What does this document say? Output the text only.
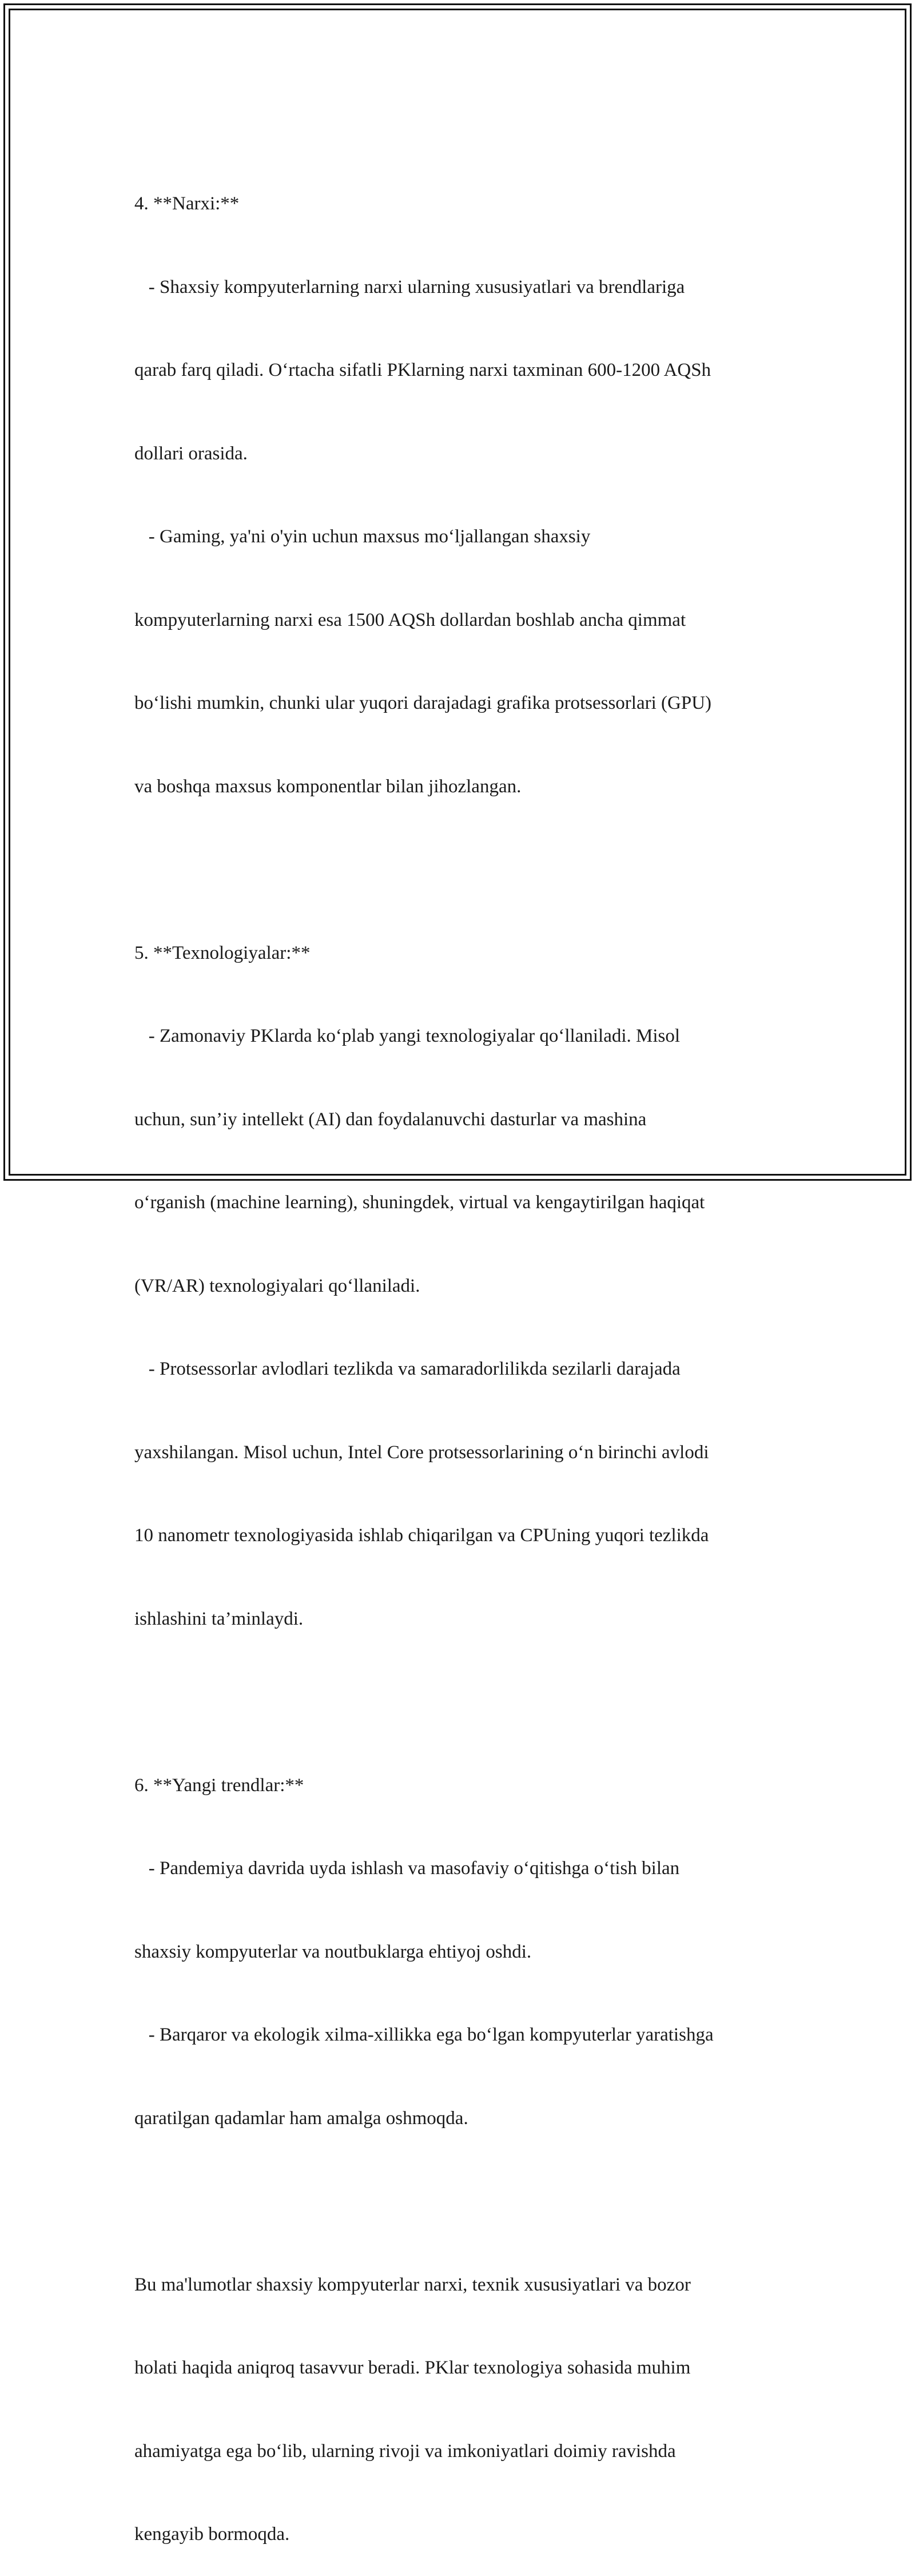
4. **Narxi:**

- Shaxsiy kompyuterlarning narxi ularning xususiyatlari va brendlariga

qarab farq qiladi. O‘rtacha sifatli PKlarning narxi taxminan 600-1200 AQSh

dollari orasida.

- Gaming, ya'ni o'yin uchun maxsus mo‘ljallangan shaxsiy

kompyuterlarning narxi esa 1500 AQSh dollardan boshlab ancha qimmat

bo‘lishi mumkin, chunki ular yuqori darajadagi grafika protsessorlari (GPU)

va boshqa maxsus komponentlar bilan jihozlangan.

5. **Texnologiyalar:**

- Zamonaviy PKlarda ko‘plab yangi texnologiyalar qo‘llaniladi. Misol

uchun, sun’iy intellekt (AI) dan foydalanuvchi dasturlar va mashina

o‘rganish (machine learning), shuningdek, virtual va kengaytirilgan haqiqat

(VR/AR) texnologiyalari qo‘llaniladi.

- Protsessorlar avlodlari tezlikda va samaradorlilikda sezilarli darajada

yaxshilangan. Misol uchun, Intel Core protsessorlarining o‘n birinchi avlodi

10 nanometr texnologiyasida ishlab chiqarilgan va CPUning yuqori tezlikda

ishlashini ta’minlaydi.

6. **Yangi trendlar:**

- Pandemiya davrida uyda ishlash va masofaviy o‘qitishga o‘tish bilan

shaxsiy kompyuterlar va noutbuklarga ehtiyoj oshdi.

- Barqaror va ekologik xilma-xillikka ega bo‘lgan kompyuterlar yaratishga

qaratilgan qadamlar ham amalga oshmoqda.

Bu ma'lumotlar shaxsiy kompyuterlar narxi, texnik xususiyatlari va bozor

holati haqida aniqroq tasavvur beradi. PKlar texnologiya sohasida muhim

ahamiyatga ega bo‘lib, ularning rivoji va imkoniyatlari doimiy ravishda

kengayib bormoqda.
